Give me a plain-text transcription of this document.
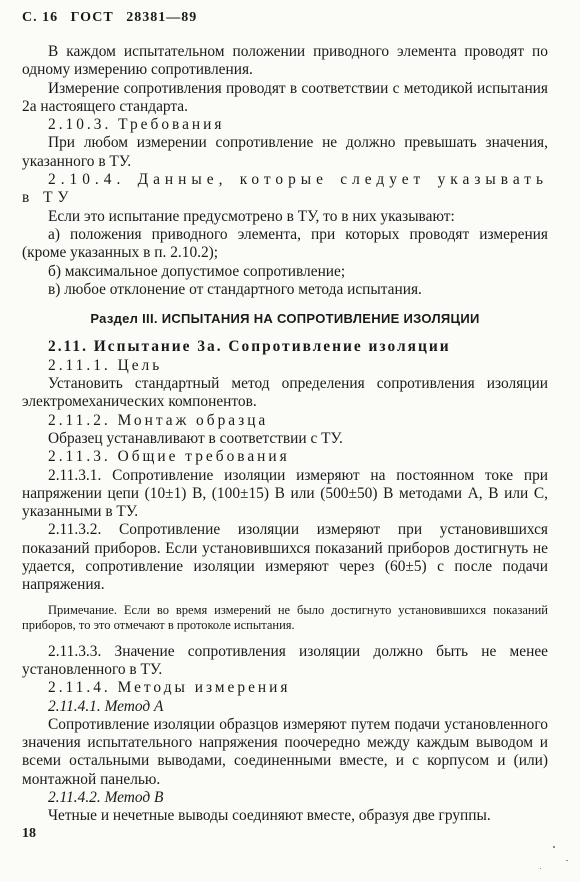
С. 16 ГОСТ 28381—89

В каждом испытательном положении приводного элемента проводят по одному измерению сопротивления.

Измерение сопротивления проводят в соответствии с методикой испытания 2a настоящего стандарта.

2.10.3. Требования

При любом измерении сопротивление не должно превышать значения, указанного в ТУ.

2.10.4. Данные, которые следует указывать в ТУ

Если это испытание предусмотрено в ТУ, то в них указывают:

а) положения приводного элемента, при которых проводят измерения (кроме указанных в п. 2.10.2);

б) максимальное допустимое сопротивление;

в) любое отклонение от стандартного метода испытания.

Раздел III. ИСПЫТАНИЯ НА СОПРОТИВЛЕНИЕ ИЗОЛЯЦИИ

2.11. Испытание 3a. Сопротивление изоляции

2.11.1. Цель

Установить стандартный метод определения сопротивления изоляции электромеханических компонентов.

2.11.2. Монтаж образца

Образец устанавливают в соответствии с ТУ.

2.11.3. Общие требования

2.11.3.1. Сопротивление изоляции измеряют на постоянном токе при напряжении цепи (10±1) В, (100±15) В или (500±50) В методами А, В или С, указанными в ТУ.

2.11.3.2. Сопротивление изоляции измеряют при установившихся показаний приборов. Если установившихся показаний приборов достигнуть не удается, сопротивление изоляции измеряют через (60±5) с после подачи напряжения.

Примечание. Если во время измерений не было достигнуто установившихся показаний приборов, то это отмечают в протоколе испытания.

2.11.3.3. Значение сопротивления изоляции должно быть не менее установленного в ТУ.

2.11.4. Методы измерения

2.11.4.1. Метод А

Сопротивление изоляции образцов измеряют путем подачи установленного значения испытательного напряжения поочередно между каждым выводом и всеми остальными выводами, соединенными вместе, и с корпусом и (или) монтажной панелью.

2.11.4.2. Метод В

Четные и нечетные выводы соединяют вместе, образуя две группы.

18
